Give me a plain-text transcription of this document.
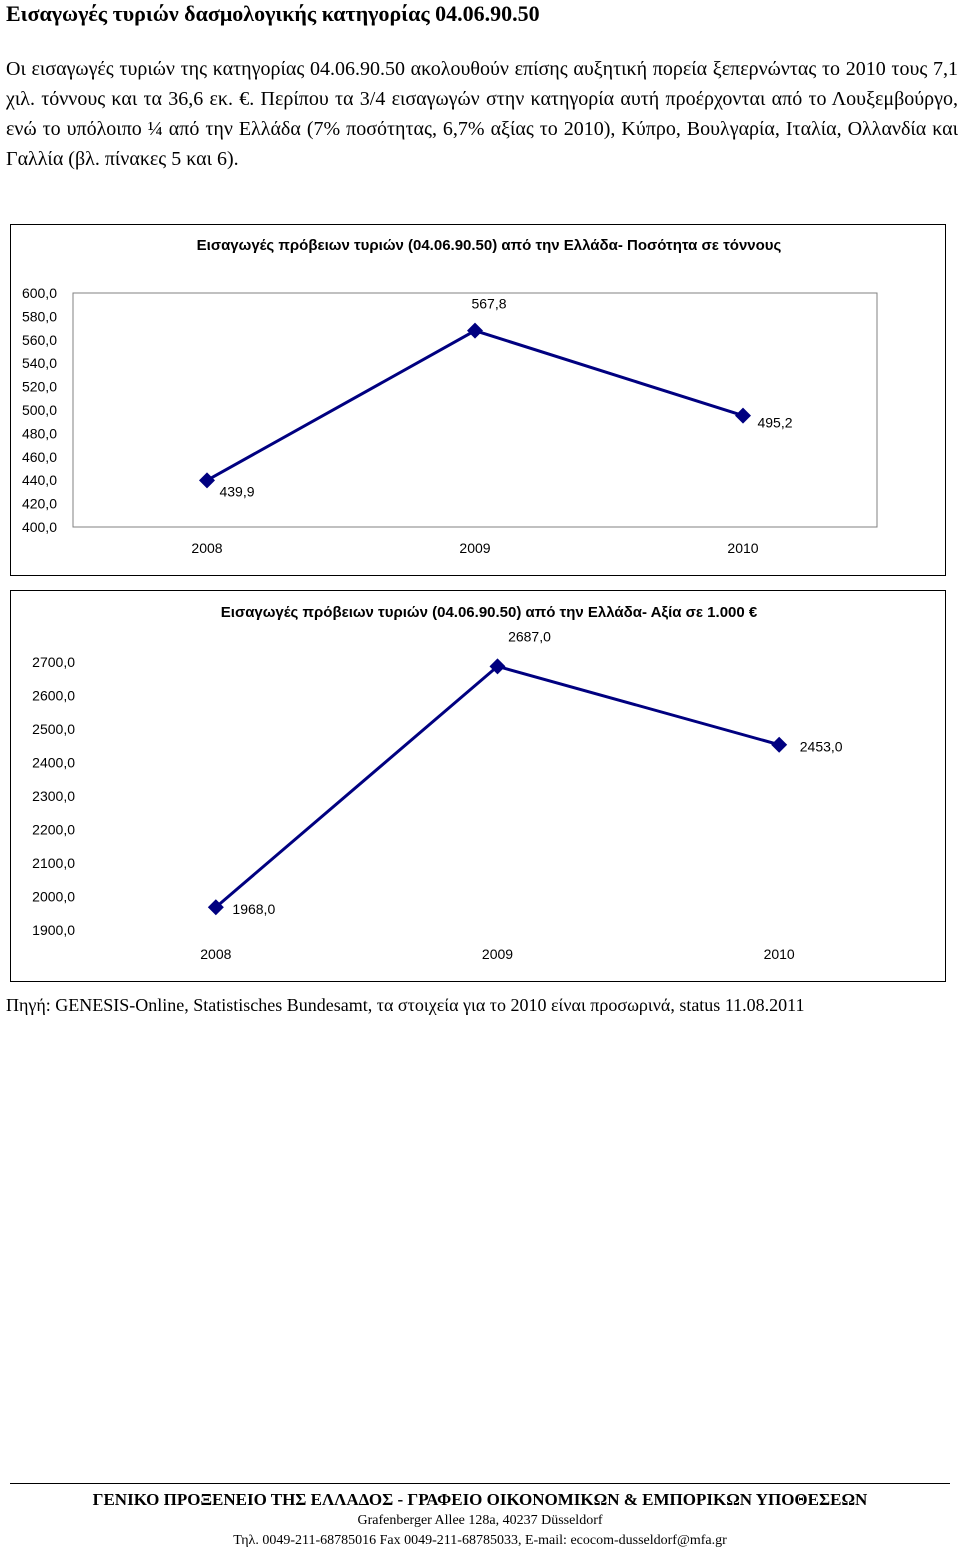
Εισαγωγές τυριών δασμολογικής κατηγορίας 04.06.90.50

Οι εισαγωγές τυριών της κατηγορίας 04.06.90.50 ακολουθούν επίσης αυξητική πορεία ξεπερνώντας το 2010 τους 7,1 χιλ. τόννους και τα 36,6 εκ. €. Περίπου τα 3/4 εισαγωγών στην κατηγορία αυτή προέρχονται από το Λουξεμβούργο, ενώ το υπόλοιπο ¼ από την Ελλάδα (7% ποσότητας, 6,7% αξίας το 2010), Κύπρο, Βουλγαρία, Ιταλία, Ολλανδία και Γαλλία (βλ. πίνακες 5 και 6).

Εισαγωγές πρόβειων τυριών (04.06.90.50) από την Ελλάδα- Ποσότητα σε τόννους
400,0
420,0
440,0
460,0
480,0
500,0
520,0
540,0
560,0
580,0
600,0
2008	2009	2010
439,9
567,8
495,2
Εισαγωγές πρόβειων τυριών (04.06.90.50) από την Ελλάδα- Αξία σε 1.000 €
1900,0
2000,0
2100,0
2200,0
2300,0
2400,0
2500,0
2600,0
2700,0
2008	2009	2010
1968,0
2687,0
2453,0

Πηγή: GENESIS-Online, Statistisches Bundesamt, τα στοιχεία για το 2010 είναι προσωρινά, status 11.08.2011

ΓΕΝΙΚΟ ΠΡΟΞΕΝΕΙΟ ΤΗΣ ΕΛΛΑΔΟΣ - ΓΡΑΦΕΙΟ ΟΙΚΟΝΟΜΙΚΩΝ & ΕΜΠΟΡΙΚΩΝ ΥΠΟΘΕΣΕΩΝ
Grafenberger Allee 128a, 40237 Düsseldorf
Τηλ. 0049-211-68785016 Fax 0049-211-68785033, E-mail: ecocom-dusseldorf@mfa.gr
